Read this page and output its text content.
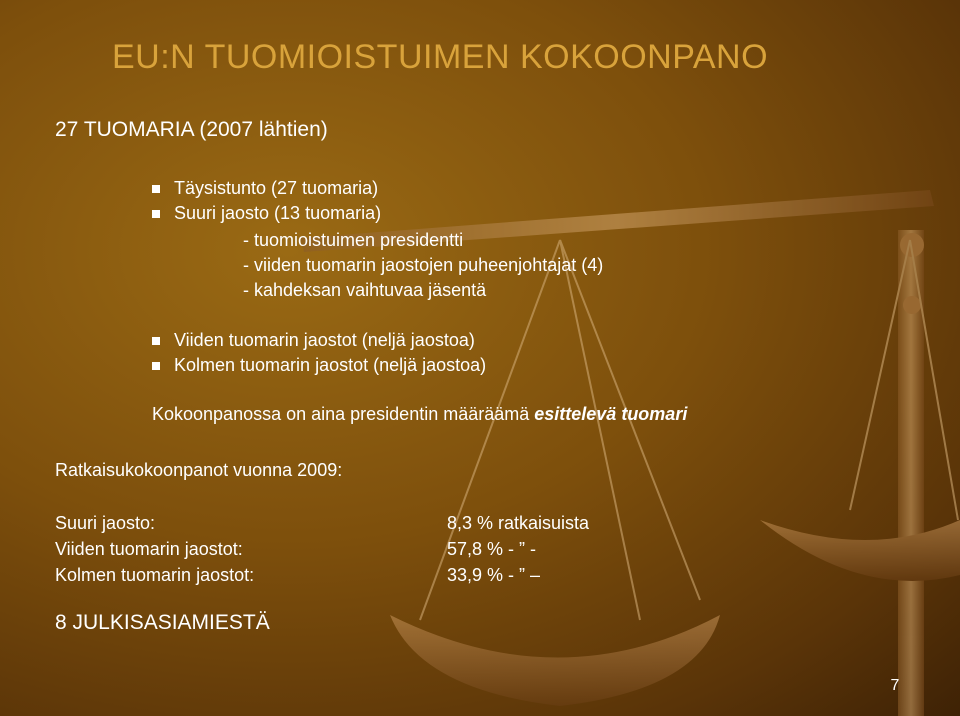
EU:N TUOMIOISTUIMEN KOKOONPANO
27 TUOMARIA (2007 lähtien)
Täysistunto (27 tuomaria)
Suuri jaosto (13 tuomaria)
- tuomioistuimen presidentti
- viiden tuomarin jaostojen puheenjohtajat (4)
- kahdeksan vaihtuvaa jäsentä
Viiden tuomarin jaostot (neljä jaostoa)
Kolmen tuomarin jaostot (neljä jaostoa)
Kokoonpanossa on aina presidentin määräämä esittelevä tuomari
Ratkaisukokoonpanot vuonna 2009:
Suuri jaosto:	8,3 % ratkaisuista
Viiden tuomarin jaostot:	57,8 % - ” -
Kolmen tuomarin jaostot:	33,9 % - ” –
8 JULKISASIAMIESTÄ
7
